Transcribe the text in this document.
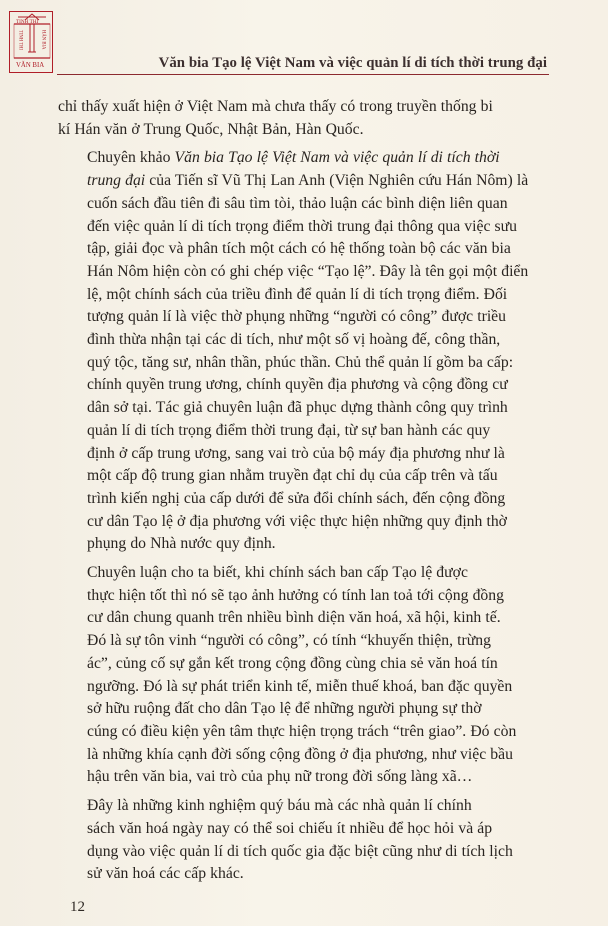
TINH THI
VĂN BIA
TINH THI	HÁN BIA
Văn bia Tạo lệ Việt Nam và việc quản lí di tích thời trung đại

chỉ thấy xuất hiện ở Việt Nam mà chưa thấy có trong truyền thống bi
kí Hán văn ở Trung Quốc, Nhật Bản, Hàn Quốc.

Chuyên khảo Văn bia Tạo lệ Việt Nam và việc quản lí di tích thời
trung đại của Tiến sĩ Vũ Thị Lan Anh (Viện Nghiên cứu Hán Nôm) là
cuốn sách đầu tiên đi sâu tìm tòi, thảo luận các bình diện liên quan
đến việc quản lí di tích trọng điểm thời trung đại thông qua việc sưu
tập, giải đọc và phân tích một cách có hệ thống toàn bộ các văn bia
Hán Nôm hiện còn có ghi chép việc “Tạo lệ”. Đây là tên gọi một điển
lệ, một chính sách của triều đình để quản lí di tích trọng điểm. Đối
tượng quản lí là việc thờ phụng những “người có công” được triều
đình thừa nhận tại các di tích, như một số vị hoàng đế, công thần,
quý tộc, tăng sư, nhân thần, phúc thần. Chủ thể quản lí gồm ba cấp:
chính quyền trung ương, chính quyền địa phương và cộng đồng cư
dân sở tại. Tác giả chuyên luận đã phục dựng thành công quy trình
quản lí di tích trọng điểm thời trung đại, từ sự ban hành các quy
định ở cấp trung ương, sang vai trò của bộ máy địa phương như là
một cấp độ trung gian nhằm truyền đạt chỉ dụ của cấp trên và tấu
trình kiến nghị của cấp dưới để sửa đổi chính sách, đến cộng đồng
cư dân Tạo lệ ở địa phương với việc thực hiện những quy định thờ
phụng do Nhà nước quy định.

Chuyên luận cho ta biết, khi chính sách ban cấp Tạo lệ được
thực hiện tốt thì nó sẽ tạo ảnh hưởng có tính lan toả tới cộng đồng
cư dân chung quanh trên nhiều bình diện văn hoá, xã hội, kinh tế.
Đó là sự tôn vinh “người có công”, có tính “khuyến thiện, trừng
ác”, củng cố sự gắn kết trong cộng đồng cùng chia sẻ văn hoá tín
ngưỡng. Đó là sự phát triển kinh tế, miễn thuế khoá, ban đặc quyền
sở hữu ruộng đất cho dân Tạo lệ để những người phụng sự thờ
cúng có điều kiện yên tâm thực hiện trọng trách “trên giao”. Đó còn
là những khía cạnh đời sống cộng đồng ở địa phương, như việc bầu
hậu trên văn bia, vai trò của phụ nữ trong đời sống làng xã…

Đây là những kinh nghiệm quý báu mà các nhà quản lí chính
sách văn hoá ngày nay có thể soi chiếu ít nhiều để học hỏi và áp
dụng vào việc quản lí di tích quốc gia đặc biệt cũng như di tích lịch
sử văn hoá các cấp khác.

12
